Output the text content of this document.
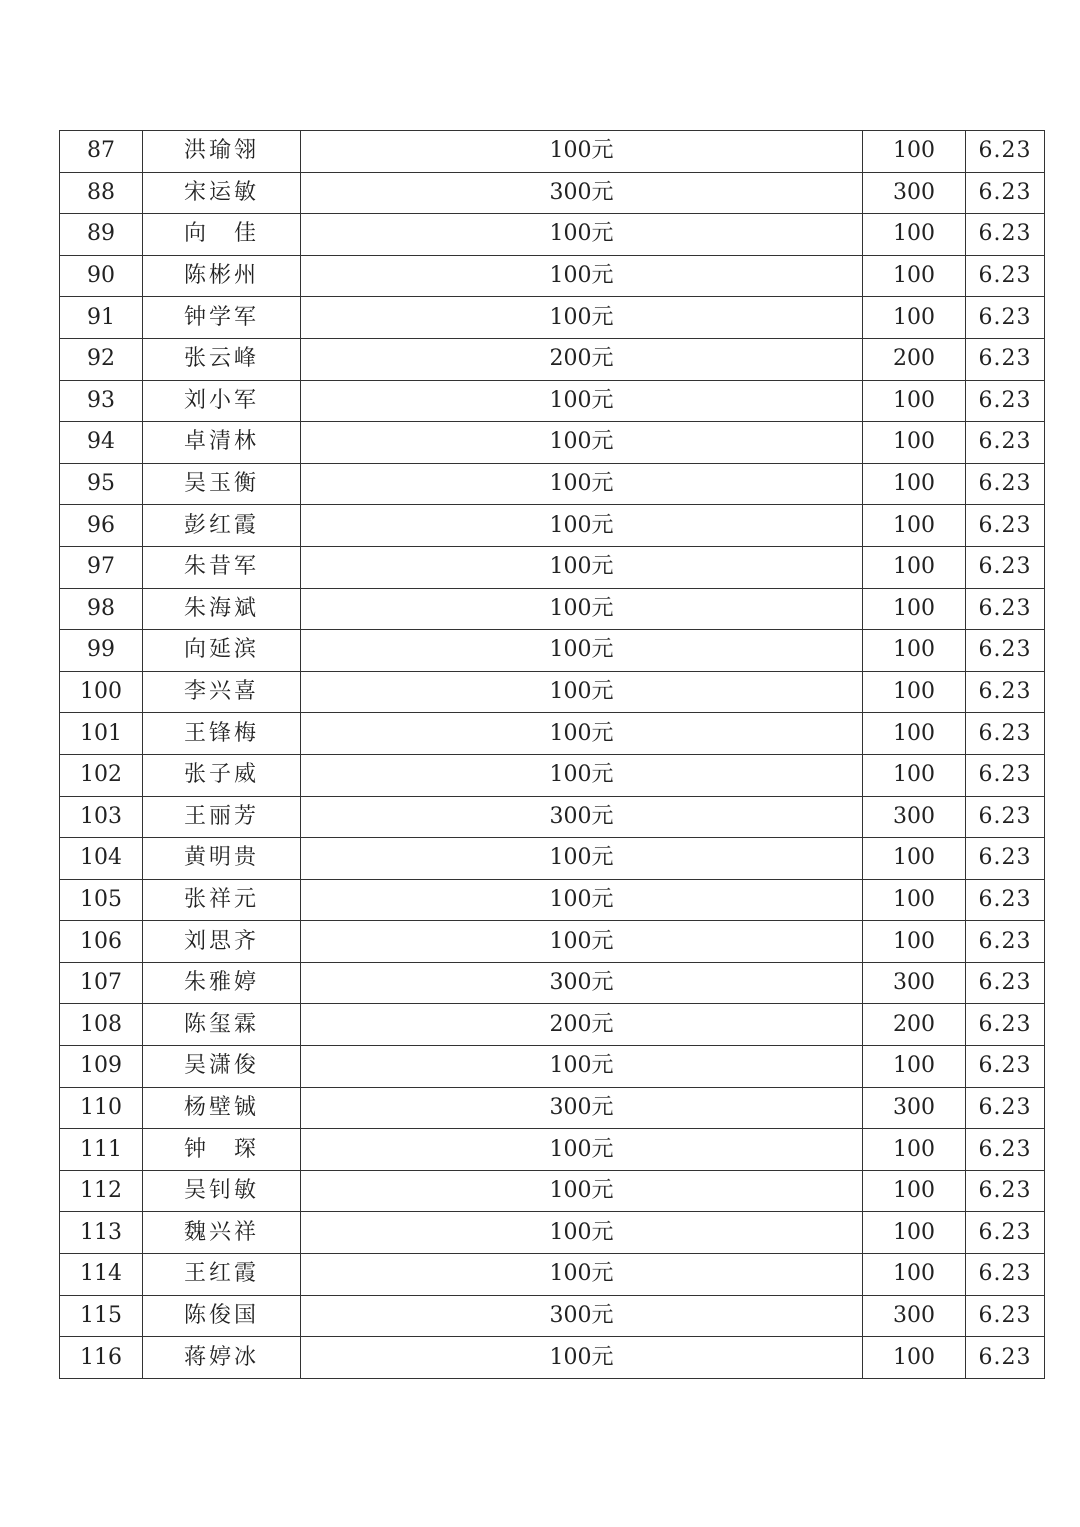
87	洪瑜翎	100元	100	6.23
88	宋运敏	300元	300	6.23
89	向　佳	100元	100	6.23
90	陈彬州	100元	100	6.23
91	钟学军	100元	100	6.23
92	张云峰	200元	200	6.23
93	刘小军	100元	100	6.23
94	卓清林	100元	100	6.23
95	吴玉衡	100元	100	6.23
96	彭红霞	100元	100	6.23
97	朱昔军	100元	100	6.23
98	朱海斌	100元	100	6.23
99	向延滨	100元	100	6.23
100	李兴喜	100元	100	6.23
101	王锋梅	100元	100	6.23
102	张子威	100元	100	6.23
103	王丽芳	300元	300	6.23
104	黄明贵	100元	100	6.23
105	张祥元	100元	100	6.23
106	刘思齐	100元	100	6.23
107	朱雅婷	300元	300	6.23
108	陈玺霖	200元	200	6.23
109	吴潇俊	100元	100	6.23
110	杨壁铖	300元	300	6.23
111	钟　琛	100元	100	6.23
112	吴钊敏	100元	100	6.23
113	魏兴祥	100元	100	6.23
114	王红霞	100元	100	6.23
115	陈俊国	300元	300	6.23
116	蒋婷冰	100元	100	6.23
